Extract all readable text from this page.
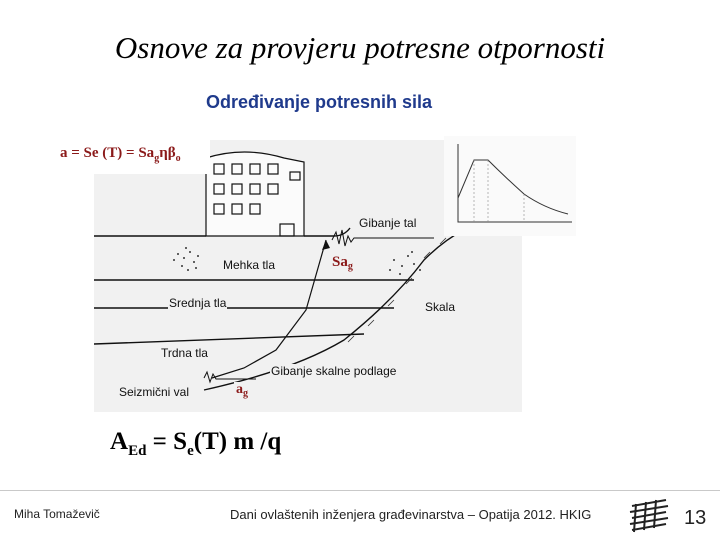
Osnove za provjeru potresne otpornosti
Određivanje potresnih sila
Gibanje tal
Mehka tla
Srednja tla
Trdna tla
Skala
Gibanje skalne podlage
Seizmični val
a = Se $(T) = Sa_g\eta\beta_o$
$Sa_g$
$a_g$
$A_{Ed} = S_e(T)$ m /q
Miha Tomaževič	Dani ovlaštenih inženjera građevinarstva – Opatija 2012. HKIG	13
